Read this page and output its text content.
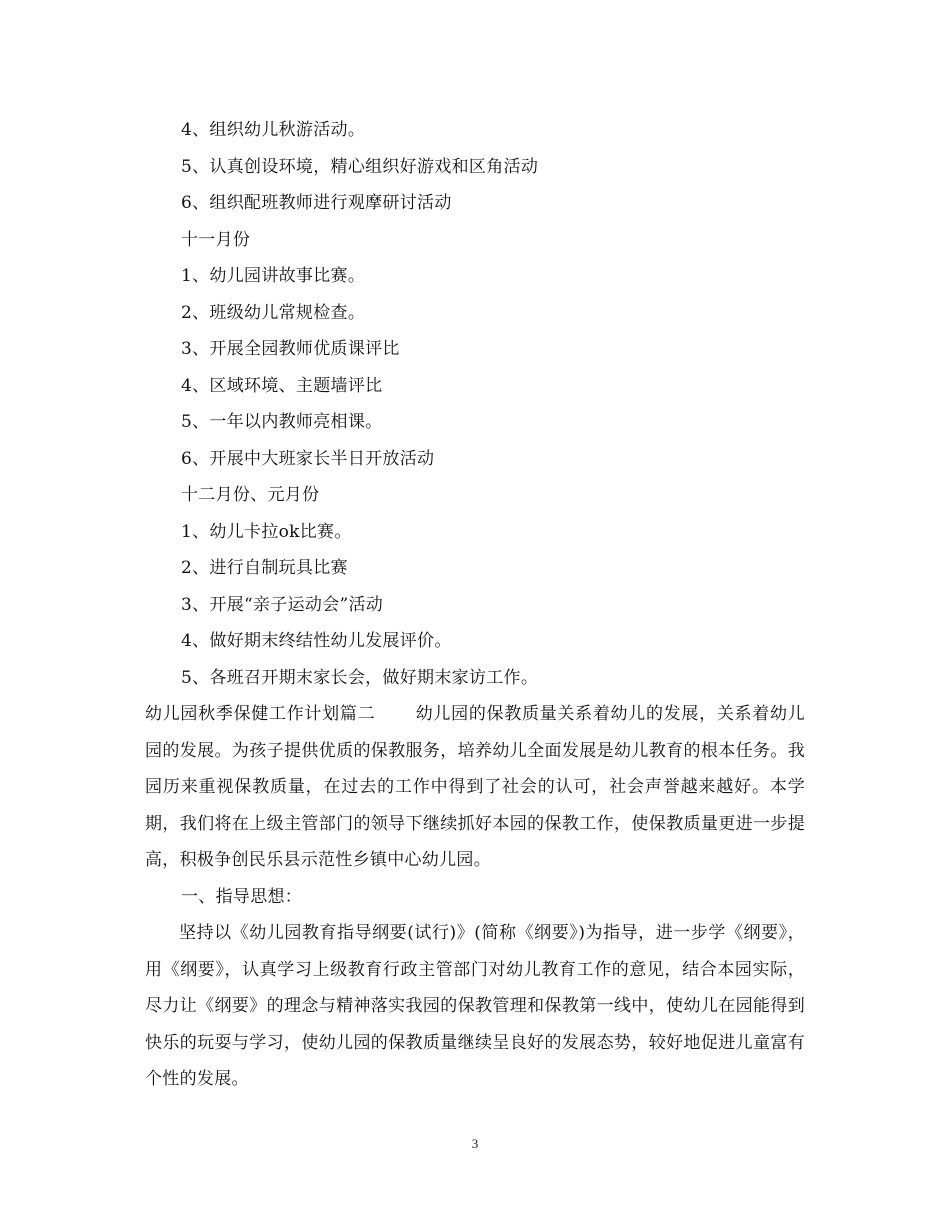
4、组织幼儿秋游活动。
5、认真创设环境，精心组织好游戏和区角活动
6、组织配班教师进行观摩研讨活动
十一月份
1、幼儿园讲故事比赛。
2、班级幼儿常规检查。
3、开展全园教师优质课评比
4、区域环境、主题墙评比
5、一年以内教师亮相课。
6、开展中大班家长半日开放活动
十二月份、元月份
1、幼儿卡拉ok比赛。
2、进行自制玩具比赛
3、开展“亲子运动会”活动
4、做好期末终结性幼儿发展评价。
5、各班召开期末家长会，做好期末家访工作。

幼儿园秋季保健工作计划篇二 幼儿园的保教质量关系着幼儿的发展，关系着幼儿园的发展。为孩子提供优质的保教服务，培养幼儿全面发展是幼儿教育的根本任务。我园历来重视保教质量，在过去的工作中得到了社会的认可，社会声誉越来越好。本学期，我们将在上级主管部门的领导下继续抓好本园的保教工作，使保教质量更进一步提高，积极争创民乐县示范性乡镇中心幼儿园。

一、指导思想：

坚持以《幼儿园教育指导纲要(试行)》(简称《纲要》)为指导，进一步学《纲要》，用《纲要》，认真学习上级教育行政主管部门对幼儿教育工作的意见，结合本园实际，尽力让《纲要》的理念与精神落实我园的保教管理和保教第一线中，使幼儿在园能得到快乐的玩耍与学习，使幼儿园的保教质量继续呈良好的发展态势，较好地促进儿童富有个性的发展。

3
